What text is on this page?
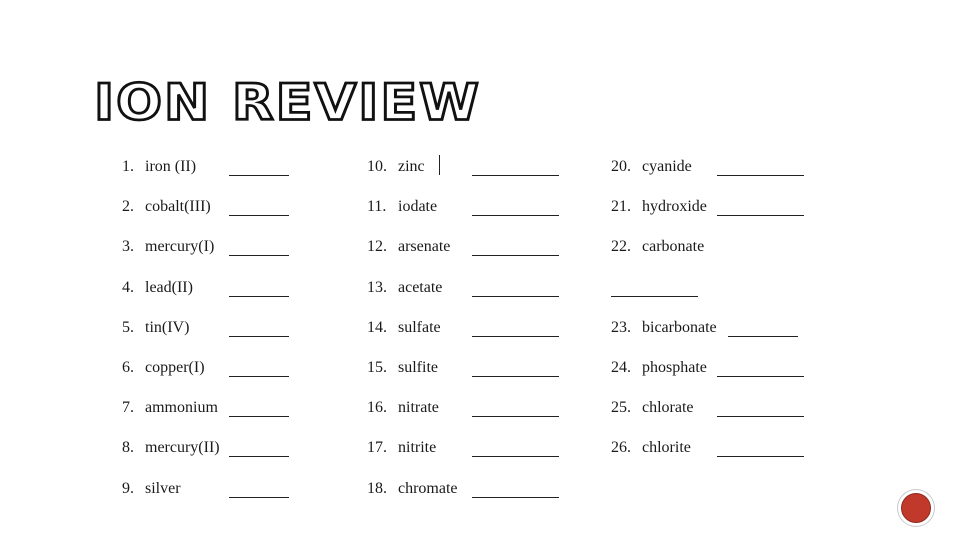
ION REVIEW
1. iron (II)
2. cobalt(III)
3. mercury(I)
4. lead(II)
5. tin(IV)
6. copper(I)
7. ammonium
8. mercury(II)
9. silver
10. zinc
11. iodate
12. arsenate
13. acetate
14. sulfate
15. sulfite
16. nitrate
17. nitrite
18. chromate
20. cyanide
21. hydroxide
22. carbonate
23. bicarbonate
24. phosphate
25. chlorate
26. chlorite
